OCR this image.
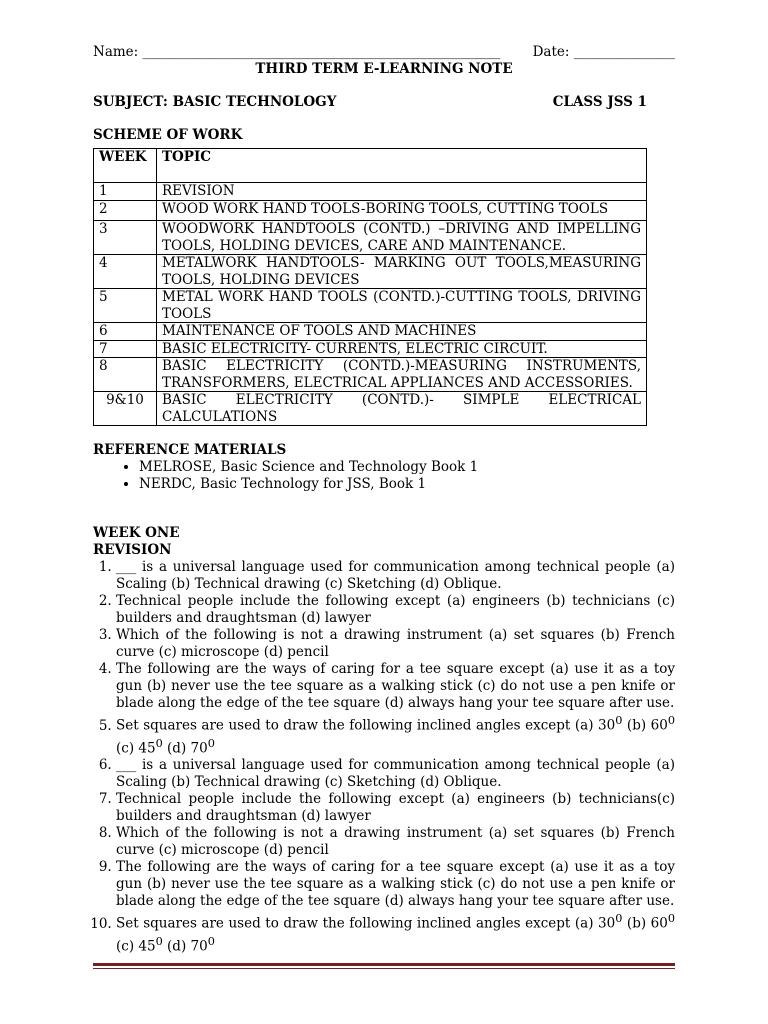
Name: _____________________________________________________ Date: _______________
THIRD TERM E-LEARNING NOTE
SUBJECT: BASIC TECHNOLOGY	CLASS JSS 1
SCHEME OF WORK
WEEK	TOPIC
1	REVISION
2	WOOD WORK HAND TOOLS-BORING TOOLS, CUTTING TOOLS
3	WOODWORK HANDTOOLS (CONTD.) –DRIVING AND IMPELLING TOOLS, HOLDING DEVICES, CARE AND MAINTENANCE.
4	METALWORK HANDTOOLS- MARKING OUT TOOLS,MEASURING TOOLS, HOLDING DEVICES
5	METAL WORK HAND TOOLS (CONTD.)-CUTTING TOOLS, DRIVING TOOLS
6	MAINTENANCE OF TOOLS AND MACHINES
7	BASIC ELECTRICITY- CURRENTS, ELECTRIC CIRCUIT.
8	BASIC ELECTRICITY (CONTD.)-MEASURING INSTRUMENTS, TRANSFORMERS, ELECTRICAL APPLIANCES AND ACCESSORIES.
9&10	BASIC ELECTRICITY (CONTD.)- SIMPLE ELECTRICAL CALCULATIONS
REFERENCE MATERIALS
• MELROSE, Basic Science and Technology Book 1
• NERDC, Basic Technology for JSS, Book 1
WEEK ONE
REVISION
1. ___ is a universal language used for communication among technical people (a) Scaling (b) Technical drawing (c) Sketching (d) Oblique.
2. Technical people include the following except (a) engineers (b) technicians (c) builders and draughtsman (d) lawyer
3. Which of the following is not a drawing instrument (a) set squares (b) French curve (c) microscope (d) pencil
4. The following are the ways of caring for a tee square except (a) use it as a toy gun (b) never use the tee square as a walking stick (c) do not use a pen knife or blade along the edge of the tee square (d) always hang your tee square after use.
5. Set squares are used to draw the following inclined angles except (a) $30^0$ (b) $60^0$ (c) $45^0$ (d) $70^0$
6. ___ is a universal language used for communication among technical people (a) Scaling (b) Technical drawing (c) Sketching (d) Oblique.
7. Technical people include the following except (a) engineers (b) technicians(c) builders and draughtsman (d) lawyer
8. Which of the following is not a drawing instrument (a) set squares (b) French curve (c) microscope (d) pencil
9. The following are the ways of caring for a tee square except (a) use it as a toy gun (b) never use the tee square as a walking stick (c) do not use a pen knife or blade along the edge of the tee square (d) always hang your tee square after use.
10. Set squares are used to draw the following inclined angles except (a) $30^0$ (b) $60^0$ (c) $45^0$ (d) $70^0$
